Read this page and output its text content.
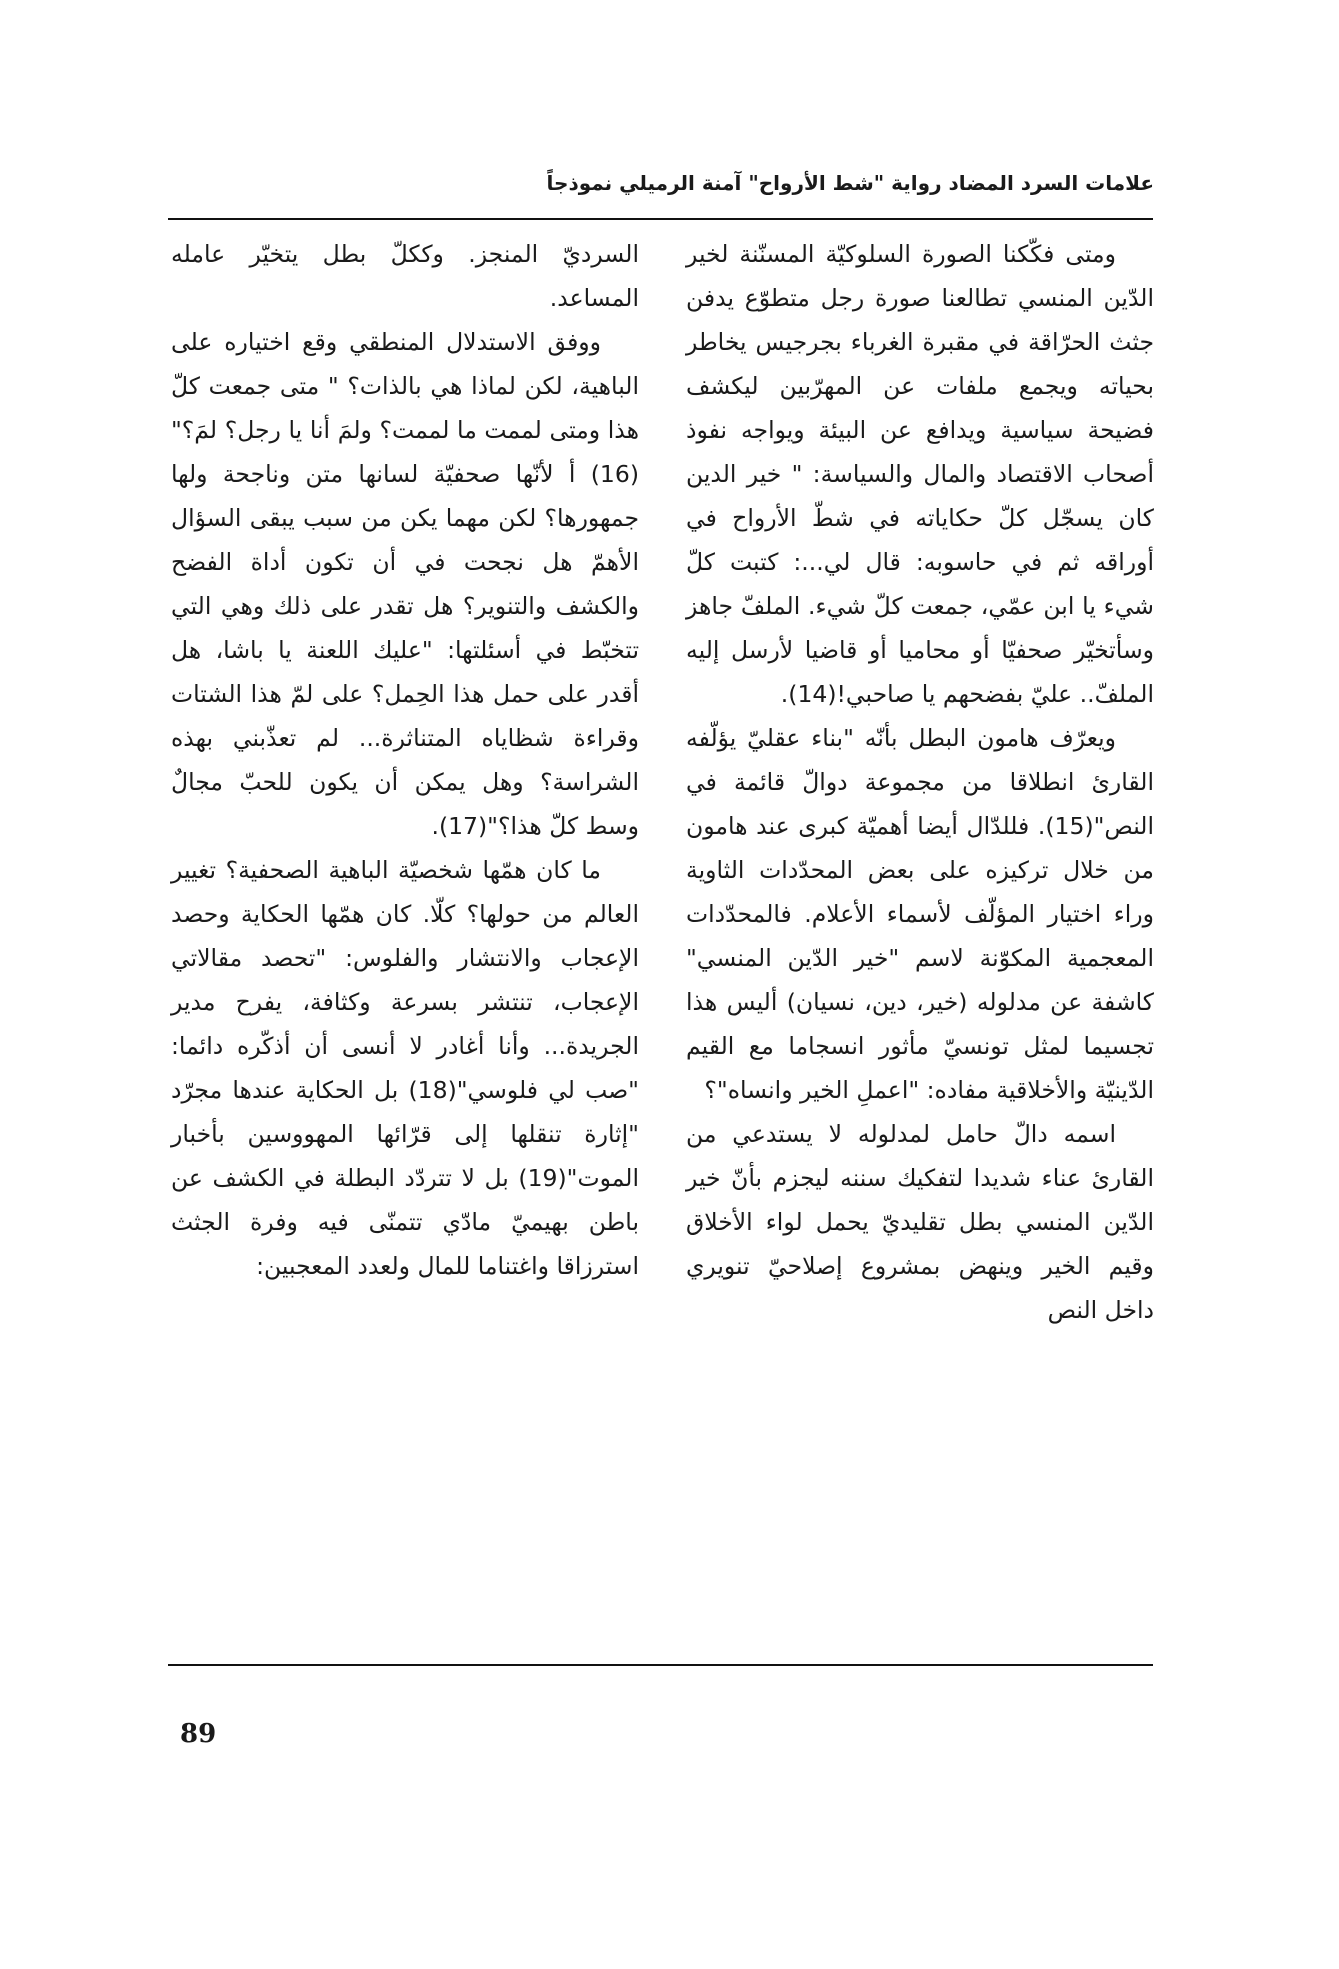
علامات السرد المضاد رواية "شط الأرواح" آمنة الرميلي نموذجاً

ومتى فكّكنا الصورة السلوكيّة المسنّنة لخير الدّين المنسي تطالعنا صورة رجل متطوّع يدفن جثث الحرّاقة في مقبرة الغرباء بجرجيس يخاطر بحياته ويجمع ملفات عن المهرّبين ليكشف فضيحة سياسية ويدافع عن البيئة ويواجه نفوذ أصحاب الاقتصاد والمال والسياسة: " خير الدين كان يسجّل كلّ حكاياته في شطّ الأرواح في أوراقه ثم في حاسوبه: قال لي...: كتبت كلّ شيء يا ابن عمّي، جمعت كلّ شيء. الملفّ جاهز وسأتخيّر صحفيّا أو محاميا أو قاضيا لأرسل إليه الملفّ.. عليّ بفضحهم يا صاحبي!(14).

ويعرّف هامون البطل بأنّه "بناء عقليّ يؤلّفه القارئ انطلاقا من مجموعة دوالّ قائمة في النص"(15). فللدّال أيضا أهميّة كبرى عند هامون من خلال تركيزه على بعض المحدّدات الثاوية وراء اختيار المؤلّف لأسماء الأعلام. فالمحدّدات المعجمية المكوّنة لاسم "خير الدّين المنسي" كاشفة عن مدلوله (خير، دين، نسيان) أليس هذا تجسيما لمثل تونسيّ مأثور انسجاما مع القيم الدّينيّة والأخلاقية مفاده: "اعملِ الخير وانساه"؟

اسمه دالّ حامل لمدلوله لا يستدعي من القارئ عناء شديدا لتفكيك سننه ليجزم بأنّ خير الدّين المنسي بطل تقليديّ يحمل لواء الأخلاق وقيم الخير وينهض بمشروع إصلاحيّ تنويري داخل النص

السرديّ المنجز. وككلّ بطل يتخيّر عامله المساعد.

ووفق الاستدلال المنطقي وقع اختياره على الباهية، لكن لماذا هي بالذات؟ " متى جمعت كلّ هذا ومتى لممت ما لممت؟ ولمَ أنا يا رجل؟ لمَ؟"(16) أ لأنّها صحفيّة لسانها متن وناجحة ولها جمهورها؟ لكن مهما يكن من سبب يبقى السؤال الأهمّ هل نجحت في أن تكون أداة الفضح والكشف والتنوير؟ هل تقدر على ذلك وهي التي تتخبّط في أسئلتها: "عليك اللعنة يا باشا، هل أقدر على حمل هذا الحِمل؟ على لمّ هذا الشتات وقراءة شظاياه المتناثرة... لم تعذّبني بهذه الشراسة؟ وهل يمكن أن يكون للحبّ مجالٌ وسط كلّ هذا؟"(17).

ما كان همّها شخصيّة الباهية الصحفية؟ تغيير العالم من حولها؟ كلّا. كان همّها الحكاية وحصد الإعجاب والانتشار والفلوس: "تحصد مقالاتي الإعجاب، تنتشر بسرعة وكثافة، يفرح مدير الجريدة... وأنا أغادر لا أنسى أن أذكّره دائما: "صب لي فلوسي"(18) بل الحكاية عندها مجرّد "إثارة تنقلها إلى قرّائها المهووسين بأخبار الموت"(19) بل لا تتردّد البطلة في الكشف عن باطن بهيميّ مادّي تتمنّى فيه وفرة الجثث استرزاقا واغتناما للمال ولعدد المعجبين:

89
